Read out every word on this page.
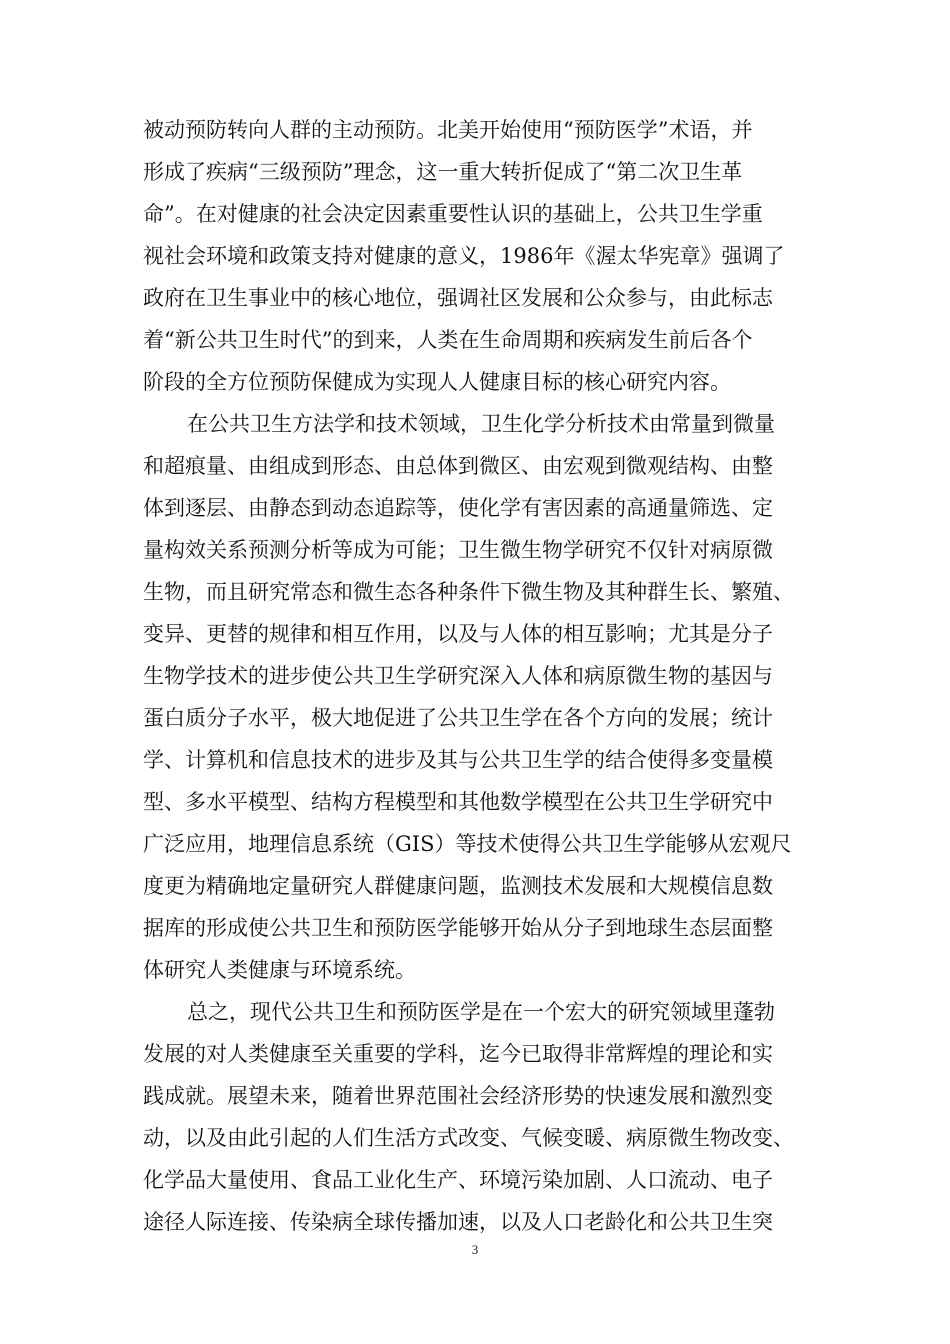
被动预防转向人群的主动预防。北美开始使用“预防医学”术语，并
形成了疾病“三级预防”理念，这一重大转折促成了“第二次卫生革
命”。在对健康的社会决定因素重要性认识的基础上，公共卫生学重
视社会环境和政策支持对健康的意义，1986年《渥太华宪章》强调了
政府在卫生事业中的核心地位，强调社区发展和公众参与，由此标志
着“新公共卫生时代”的到来，人类在生命周期和疾病发生前后各个
阶段的全方位预防保健成为实现人人健康目标的核心研究内容。
在公共卫生方法学和技术领域，卫生化学分析技术由常量到微量
和超痕量、由组成到形态、由总体到微区、由宏观到微观结构、由整
体到逐层、由静态到动态追踪等，使化学有害因素的高通量筛选、定
量构效关系预测分析等成为可能；卫生微生物学研究不仅针对病原微
生物，而且研究常态和微生态各种条件下微生物及其种群生长、繁殖、
变异、更替的规律和相互作用，以及与人体的相互影响；尤其是分子
生物学技术的进步使公共卫生学研究深入人体和病原微生物的基因与
蛋白质分子水平，极大地促进了公共卫生学在各个方向的发展；统计
学、计算机和信息技术的进步及其与公共卫生学的结合使得多变量模
型、多水平模型、结构方程模型和其他数学模型在公共卫生学研究中
广泛应用，地理信息系统（GIS）等技术使得公共卫生学能够从宏观尺
度更为精确地定量研究人群健康问题，监测技术发展和大规模信息数
据库的形成使公共卫生和预防医学能够开始从分子到地球生态层面整
体研究人类健康与环境系统。
总之，现代公共卫生和预防医学是在一个宏大的研究领域里蓬勃
发展的对人类健康至关重要的学科，迄今已取得非常辉煌的理论和实
践成就。展望未来，随着世界范围社会经济形势的快速发展和激烈变
动，以及由此引起的人们生活方式改变、气候变暖、病原微生物改变、
化学品大量使用、食品工业化生产、环境污染加剧、人口流动、电子
途径人际连接、传染病全球传播加速，以及人口老龄化和公共卫生突
3
